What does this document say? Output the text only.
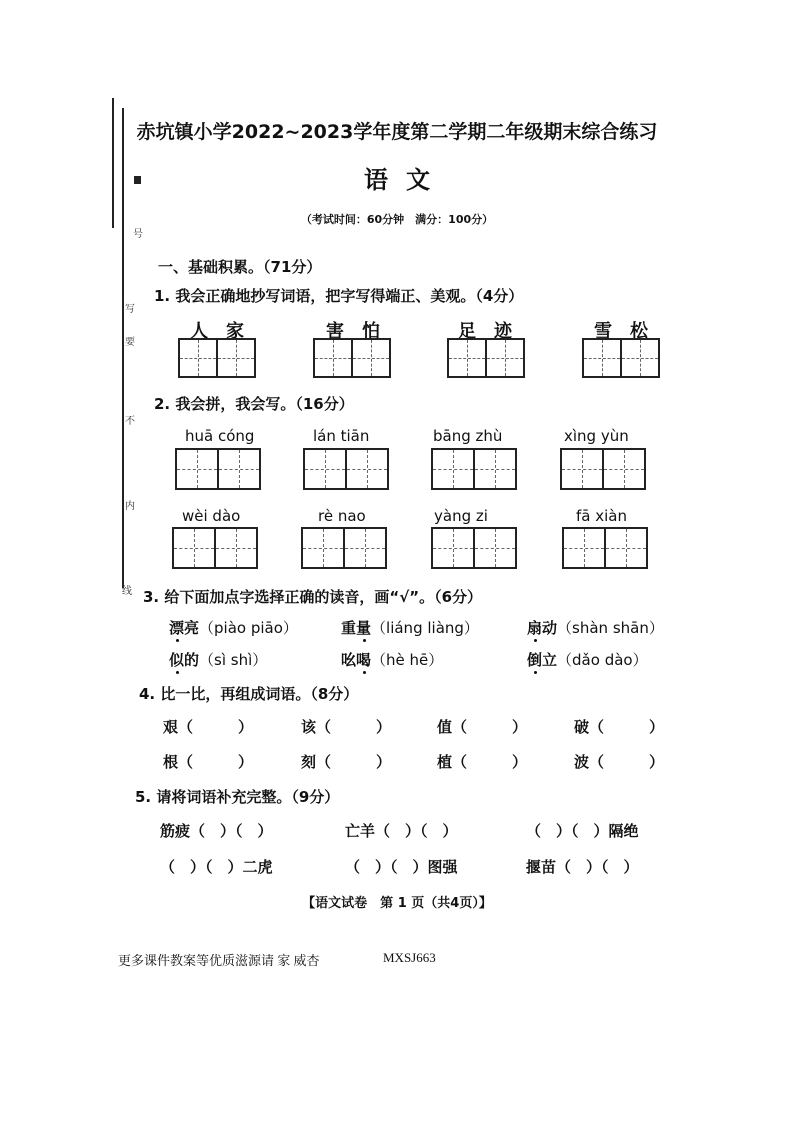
号
写
要
不
内
线
赤坑镇小学2022~2023学年度第二学期二年级期末综合练习
语文
（考试时间：60分钟　满分：100分）
一、基础积累。（71分）
1. 我会正确地抄写词语，把字写得端正、美观。（4分）
人家	害怕	足迹	雪松
2. 我会拼，我会写。（16分）
huā cóng	lán tiān	bāng zhù	xìng yùn
wèi dào	rè nao	yàng zi	fā xiàn
3. 给下面加点字选择正确的读音，画“√”。（6分）
漂亮（piào piāo）	重量（liáng liàng）	扇动（shàn shān）
似的（sì shì）	吆喝（hè hē）	倒立（dǎo dào）
4. 比一比，再组成词语。（8分）
艰（　　　）	该（　　　）	值（　　　）	破（　　　）
根（　　　）	刻（　　　）	植（　　　）	波（　　　）
5. 请将词语补充完整。（9分）
筋疲（　）（　）	亡羊（　）（　）	（　）（　）隔绝
（　）（　）二虎	（　）（　）图强	揠苗（　）（　）
【语文试卷　第 1 页（共4页）】
更多课件教案等优质滋源请 家 威杏	MXSJ663
